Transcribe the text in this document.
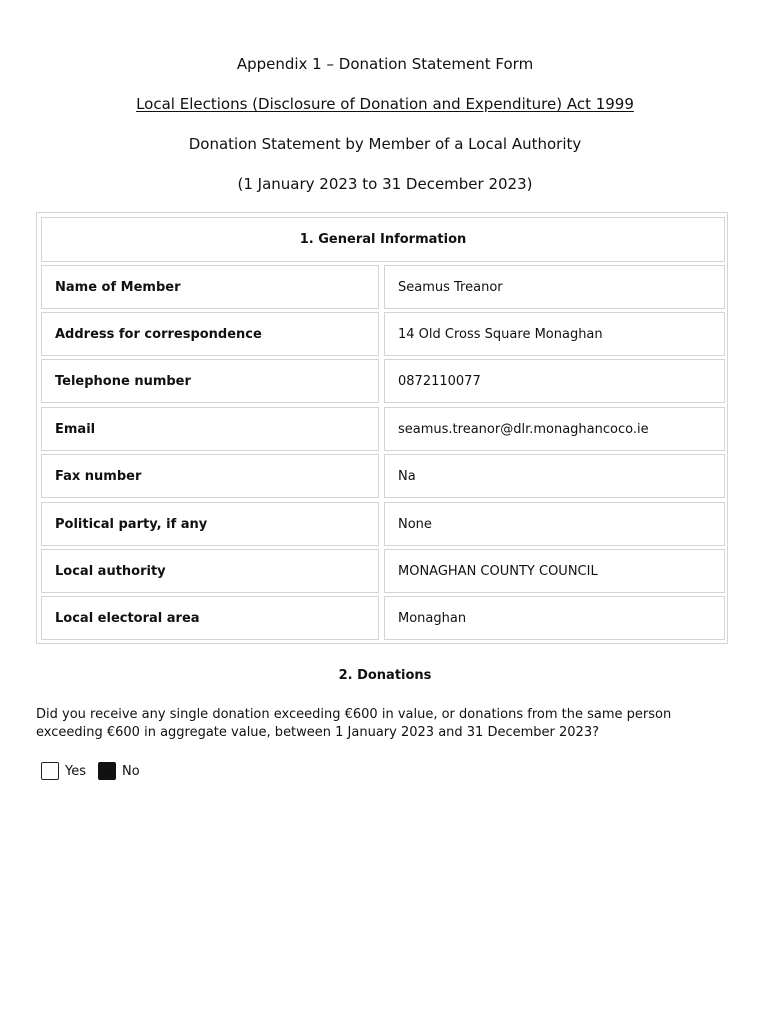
Appendix 1 – Donation Statement Form
Local Elections (Disclosure of Donation and Expenditure) Act 1999
Donation Statement by Member of a Local Authority
(1 January 2023 to 31 December 2023)
1. General Information
Name of Member	Seamus Treanor
Address for correspondence	14 Old Cross Square Monaghan
Telephone number	0872110077
Email	seamus.treanor@dlr.monaghancoco.ie
Fax number	Na
Political party, if any	None
Local authority	MONAGHAN COUNTY COUNCIL
Local electoral area	Monaghan
2. Donations
Did you receive any single donation exceeding €600 in value, or donations from the same person exceeding €600 in aggregate value, between 1 January 2023 and 31 December 2023?
Yes	No
